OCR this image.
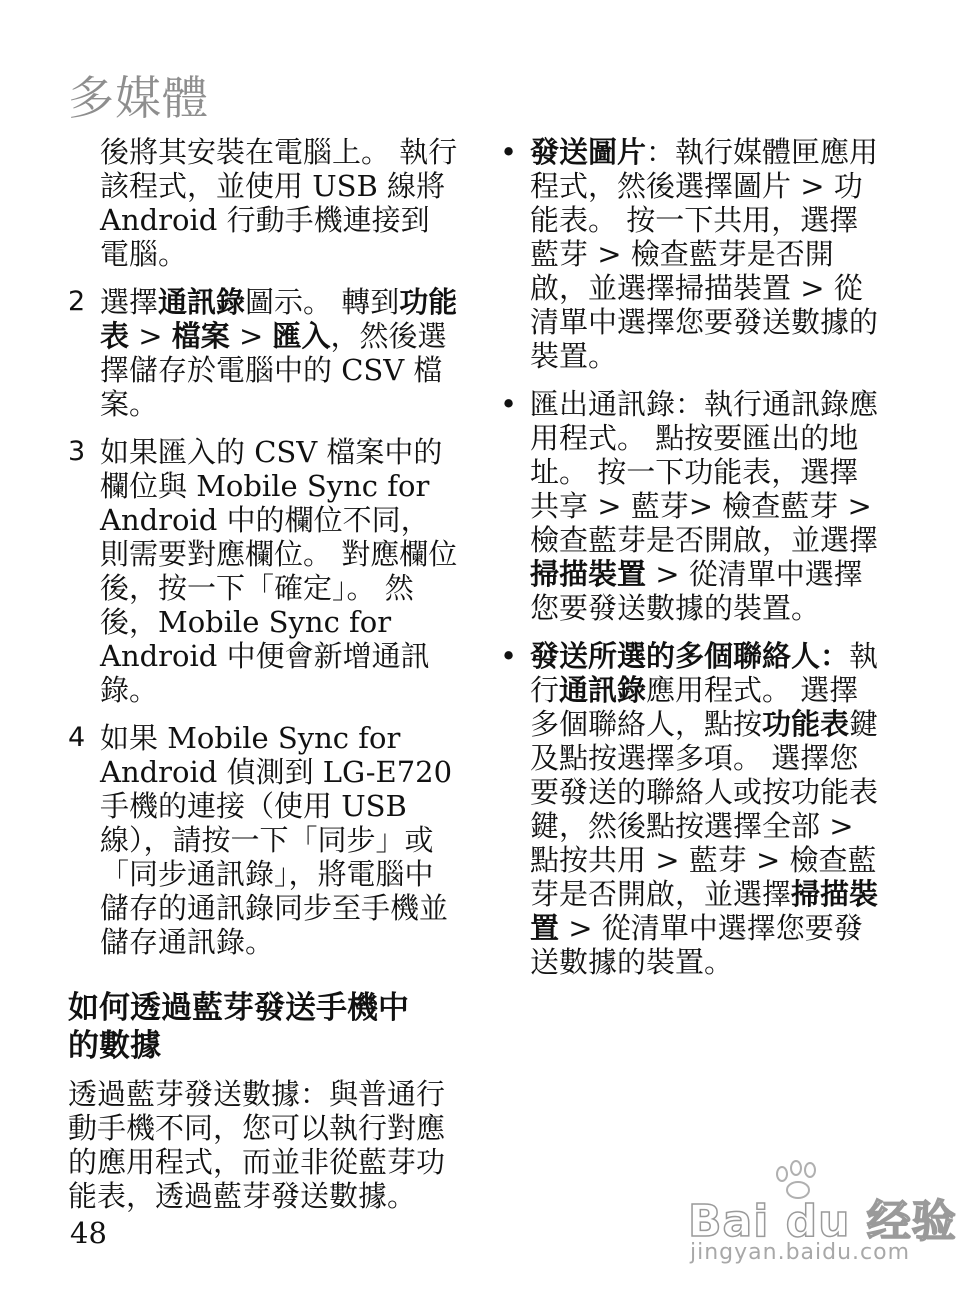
多媒體

後將其安裝在電腦上。 執行該程式，並使用 USB 線將 Android 行動手機連接到電腦。

2 選擇通訊錄圖示。 轉到功能表 > 檔案 > 匯入，然後選擇儲存於電腦中的 CSV 檔案。
3 如果匯入的 CSV 檔案中的欄位與 Mobile Sync for Android 中的欄位不同，則需要對應欄位。 對應欄位後，按一下「確定」。 然後，Mobile Sync for Android 中便會新增通訊錄。
4 如果 Mobile Sync for Android 偵測到 LG-E720 手機的連接（使用 USB 線），請按一下「同步」或「同步通訊錄」，將電腦中儲存的通訊錄同步至手機並儲存通訊錄。
如何透過藍芽發送手機中的數據

透過藍芽發送數據：與普通行動手機不同，您可以執行對應的應用程式，而並非從藍芽功能表，透過藍芽發送數據。

• 發送圖片：執行媒體匣應用程式，然後選擇圖片 > 功能表。 按一下共用，選擇藍芽 > 檢查藍芽是否開啟，並選擇掃描裝置 > 從清單中選擇您要發送數據的裝置。
• 匯出通訊錄：執行通訊錄應用程式。 點按要匯出的地址。 按一下功能表，選擇共享 > 藍芽> 檢查藍芽 > 檢查藍芽是否開啟，並選擇掃描裝置 > 從清單中選擇您要發送數據的裝置。
• 發送所選的多個聯絡人：執行通訊錄應用程式。 選擇多個聯絡人，點按功能表鍵及點按選擇多項。 選擇您要發送的聯絡人或按功能表鍵，然後點按選擇全部 > 點按共用 > 藍芽 > 檢查藍芽是否開啟，並選擇掃描裝置 > 從清單中選擇您要發送數據的裝置。
48	Bai du 经验
jingyan.baidu.com
